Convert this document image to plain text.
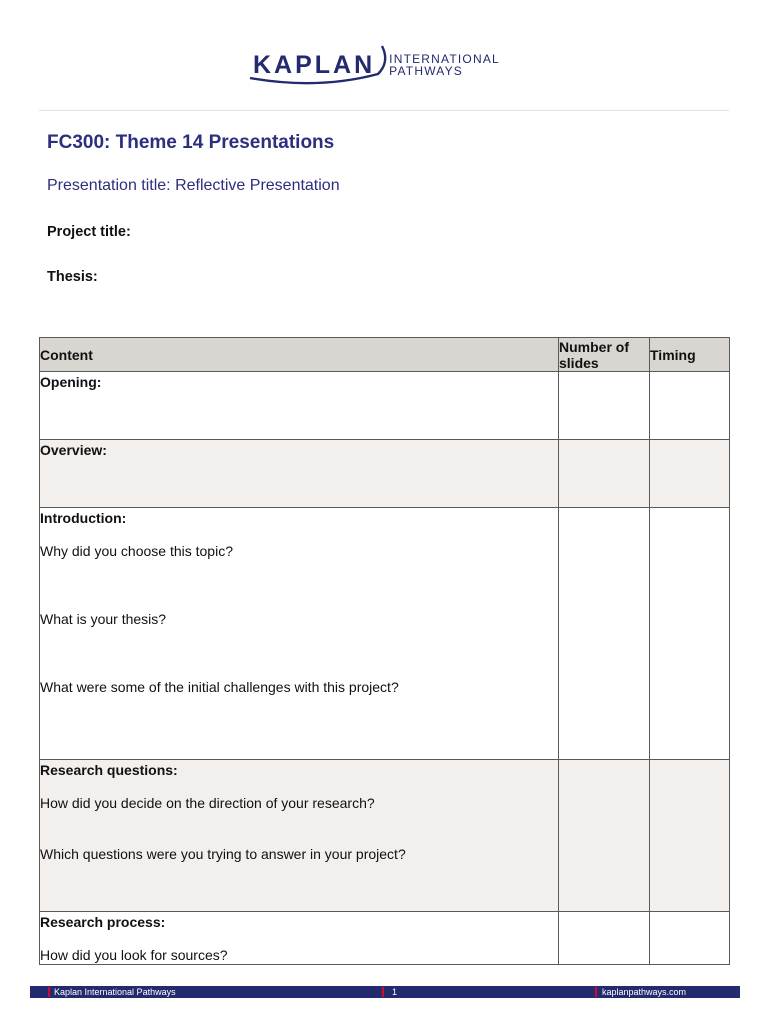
KAPLAN INTERNATIONAL
PATHWAYS
FC300: Theme 14 Presentations

Presentation title: Reflective Presentation

Project title:

Thesis:

Content	Number of slides	Timing

Opening:		

Overview:		

Introduction:

Why did you choose this topic?

What is your thesis?

What were some of the initial challenges with this project?		

Research questions:

How did you decide on the direction of your research?

Which questions were you trying to answer in your project?		

Research process:

How did you look for sources?		

Kaplan International Pathways	1	kaplanpathways.com
